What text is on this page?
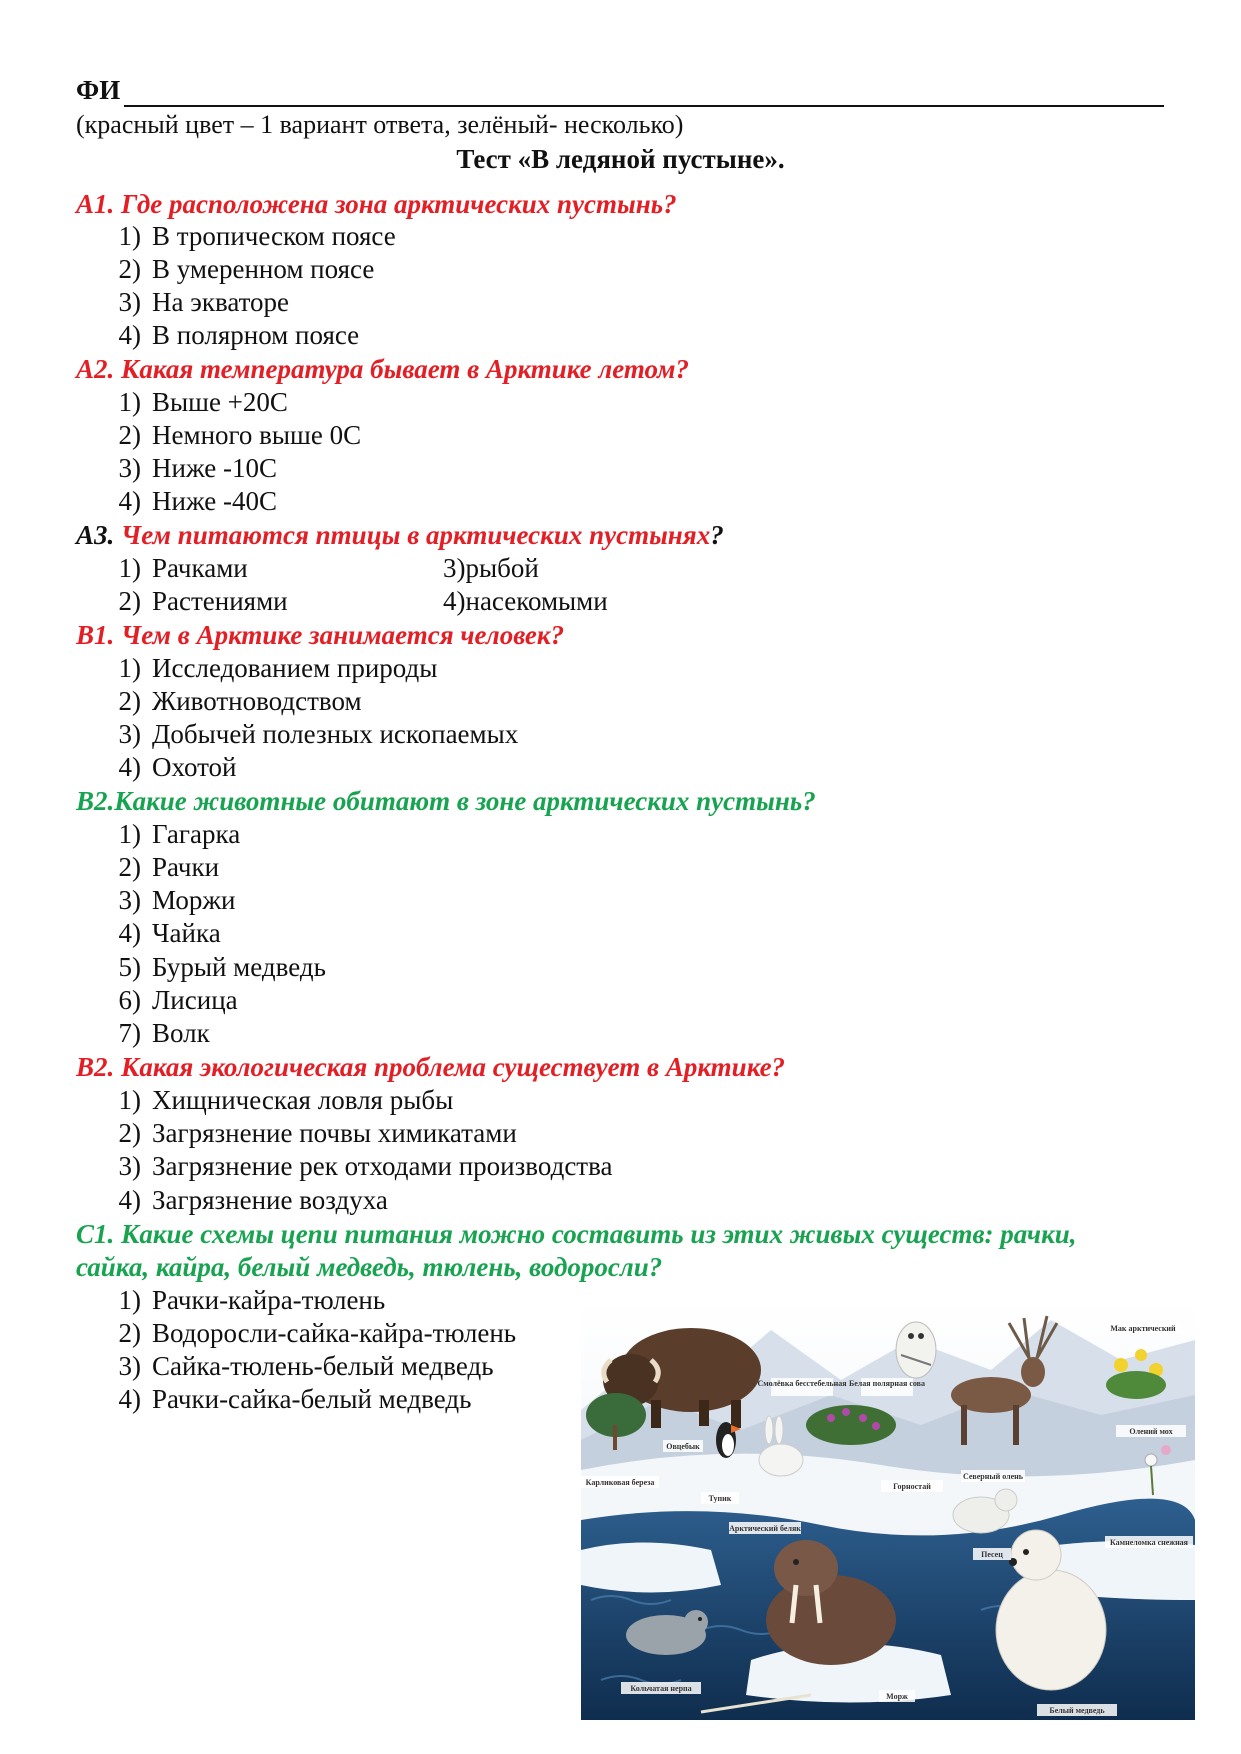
ФИ
(красный цвет – 1 вариант ответа, зелёный- несколько)
Тест «В ледяной пустыне».
А1. Где расположена зона арктических пустынь?
1) В тропическом поясе
2) В умеренном поясе
3) На экваторе
4) В полярном поясе
А2. Какая температура бывает в Арктике летом?
1) Выше +20С
2) Немного выше 0С
3) Ниже -10С
4) Ниже -40С
А3. Чем питаются птицы в арктических пустынях?
1) Рачками	3)рыбой
2) Растениями	4)насекомыми
В1. Чем в Арктике занимается человек?
1) Исследованием природы
2) Животноводством
3) Добычей полезных ископаемых
4) Охотой
В2.Какие животные обитают в зоне арктических пустынь?
1) Гагарка
2) Рачки
3) Моржи
4) Чайка
5) Бурый медведь
6) Лисица
7) Волк
В2. Какая экологическая проблема существует в Арктике?
1) Хищническая ловля рыбы
2) Загрязнение почвы химикатами
3) Загрязнение рек отходами производства
4) Загрязнение воздуха
С1. Какие схемы цепи питания можно составить из этих живых существ: рачки,
сайка, кайра, белый медведь, тюлень, водоросли?
1) Рачки-кайра-тюлень
2) Водоросли-сайка-кайра-тюлень
3) Сайка-тюлень-белый медведь
4) Рачки-сайка-белый медведь
Белая полярная сова
Смолёвка бесстебельная
Мак арктический
Овцебык
Олений мох
Карликовая береза
Северный олень
Горностай
Тупик
Арктический беляк
Песец
Камнеломка снежная
Кольчатая нерпа
Морж
Белый медведь
